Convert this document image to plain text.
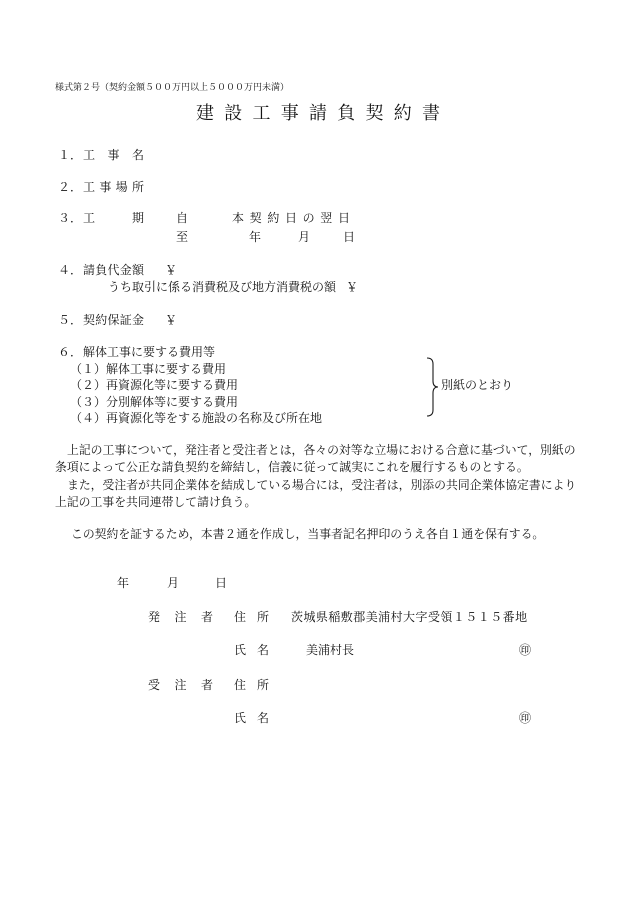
様式第２号（契約金額５００万円以上５０００万円未満）
建 設 工 事 請 負 契 約 書
１． 工 事 名
２． 工 事 場 所
３． 工	期	自	本 契 約 日 の 翌 日
至	年	月	日
４． 請 負 代 金 額 ￥
うち取引に係る消費税及び地方消費税の額 ￥
５． 契 約 保 証 金 ￥
６． 解体工事に要する費用等
（１）解体工事に要する費用
（２）再資源化等に要する費用
（３）分別解体等に要する費用
（４）再資源化等をする施設の名称及び所在地
別紙のとおり
上記の工事について，発注者と受注者とは，各々の対等な立場における合意に基づいて，別紙の
条項によって公正な請負契約を締結し，信義に従って誠実にこれを履行するものとする。
また，受注者が共同企業体を結成している場合には，受注者は，別添の共同企業体協定書により
上記の工事を共同連帯して請け負う。
この契約を証するため，本書２通を作成し，当事者記名押印のうえ各自１通を保有する。
年	月	日
発 注 者 住 所 茨城県稲敷郡美浦村大字受領１５１５番地
氏 名	美浦村長	㊞
受 注 者 住 所
氏 名	㊞
